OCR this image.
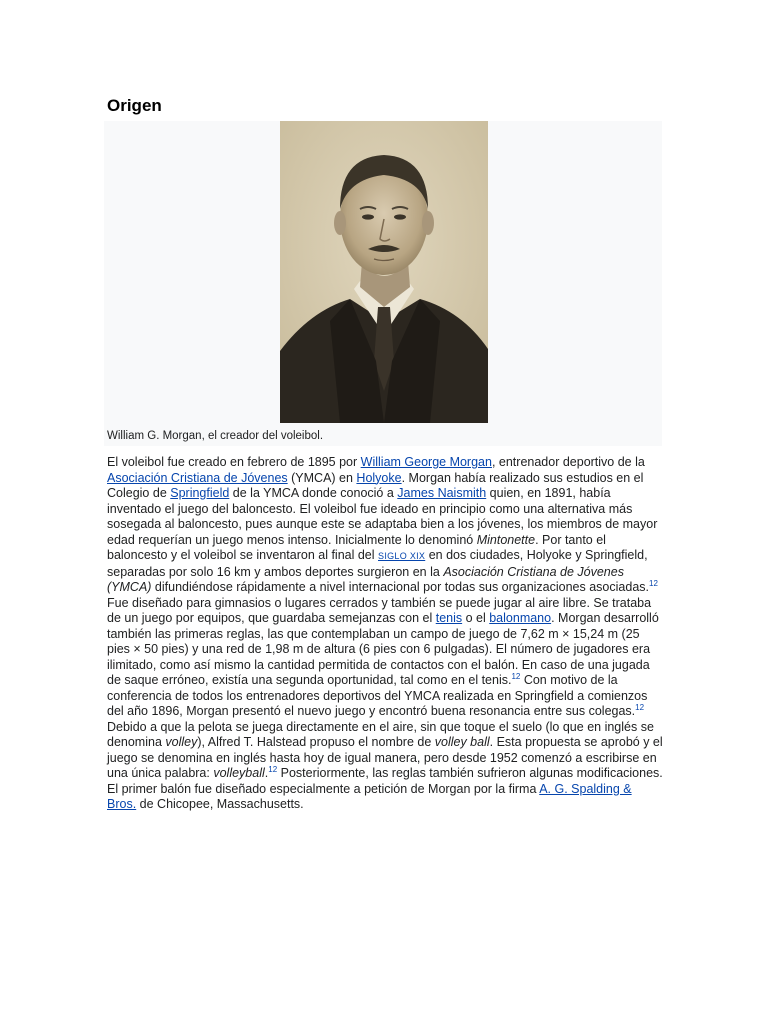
Origen
William G. Morgan, el creador del voleibol.

El voleibol fue creado en febrero de 1895 por William George Morgan, entrenador deportivo de la Asociación Cristiana de Jóvenes (YMCA) en Holyoke. Morgan había realizado sus estudios en el Colegio de Springfield de la YMCA donde conoció a James Naismith quien, en 1891, había inventado el juego del baloncesto. El voleibol fue ideado en principio como una alternativa más sosegada al baloncesto, pues aunque este se adaptaba bien a los jóvenes, los miembros de mayor edad requerían un juego menos intenso. Inicialmente lo denominó Mintonette. Por tanto el baloncesto y el voleibol se inventaron al final del SIGLO XIX en dos ciudades, Holyoke y Springfield, separadas por solo 16 km y ambos deportes surgieron en la Asociación Cristiana de Jóvenes (YMCA) difundiéndose rápidamente a nivel internacional por todas sus organizaciones asociadas.$^{12}$ Fue diseñado para gimnasios o lugares cerrados y también se puede jugar al aire libre. Se trataba de un juego por equipos, que guardaba semejanzas con el tenis o el balonmano. Morgan desarrolló también las primeras reglas, las que contemplaban un campo de juego de 7,62 m × 15,24 m (25 pies × 50 pies) y una red de 1,98 m de altura (6 pies con 6 pulgadas). El número de jugadores era ilimitado, como así mismo la cantidad permitida de contactos con el balón. En caso de una jugada de saque erróneo, existía una segunda oportunidad, tal como en el tenis.$^{12}$ Con motivo de la conferencia de todos los entrenadores deportivos del YMCA realizada en Springfield a comienzos del año 1896, Morgan presentó el nuevo juego y encontró buena resonancia entre sus colegas.$^{12}$ Debido a que la pelota se juega directamente en el aire, sin que toque el suelo (lo que en inglés se denomina volley), Alfred T. Halstead propuso el nombre de volley ball. Esta propuesta se aprobó y el juego se denomina en inglés hasta hoy de igual manera, pero desde 1952 comenzó a escribirse en una única palabra: volleyball.$^{12}$ Posteriormente, las reglas también sufrieron algunas modificaciones. El primer balón fue diseñado especialmente a petición de Morgan por la firma A. G. Spalding & Bros. de Chicopee, Massachusetts.
